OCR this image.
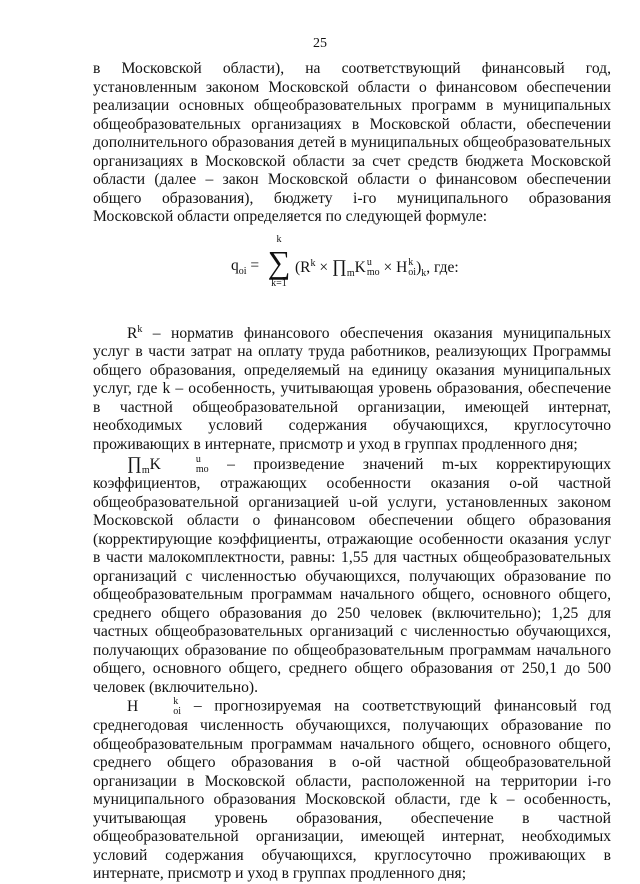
25

в Московской области), на соответствующий финансовый год, установленным законом Московской области о финансовом обеспечении реализации основных общеобразовательных программ в муниципальных общеобразовательных организациях в Московской области, обеспечении дополнительного образования детей в муниципальных общеобразовательных организациях в Московской области за счет средств бюджета Московской области (далее – закон Московской области о финансовом обеспечении общего образования), бюджету i-го муниципального образования Московской области определяется по следующей формуле:

$q_{oi}$ =
k
∑
k=1
($R^k$ × $\prod_mK$ u
mo × H k
oi )$_k$, где:

$R^k$ – норматив финансового обеспечения оказания муниципальных услуг в части затрат на оплату труда работников, реализующих Программы общего образования, определяемый на единицу оказания муниципальных услуг, где k – особенность, учитывающая уровень образования, обеспечение в частной общеобразовательной организации, имеющей интернат, необходимых условий содержания обучающихся, круглосуточно проживающих в интернате, присмотр и уход в группах продленного дня;

$\prod_mK$	u
mo – произведение значений m-ых корректирующих коэффициентов, отражающих особенности оказания о-ой частной общеобразовательной организацией u-ой услуги, установленных законом Московской области о финансовом обеспечении общего образования (корректирующие коэффициенты, отражающие особенности оказания услуг в части малокомплектности, равны: 1,55 для частных общеобразовательных организаций с численностью обучающихся, получающих образование по общеобразовательным программам начального общего, основного общего, среднего общего образования до 250 человек (включительно); 1,25 для частных общеобразовательных организаций с численностью обучающихся, получающих образование по общеобразовательным программам начального общего, основного общего, среднего общего образования от 250,1 до 500 человек (включительно).

H	k
oi – прогнозируемая на соответствующий финансовый год среднегодовая численность обучающихся, получающих образование по общеобразовательным программам начального общего, основного общего, среднего общего образования в о-ой частной общеобразовательной организации в Московской области, расположенной на территории i-го муниципального образования Московской области, где k – особенность, учитывающая уровень образования, обеспечение в частной общеобразовательной организации, имеющей интернат, необходимых условий содержания обучающихся, круглосуточно проживающих в интернате, присмотр и уход в группах продленного дня;
